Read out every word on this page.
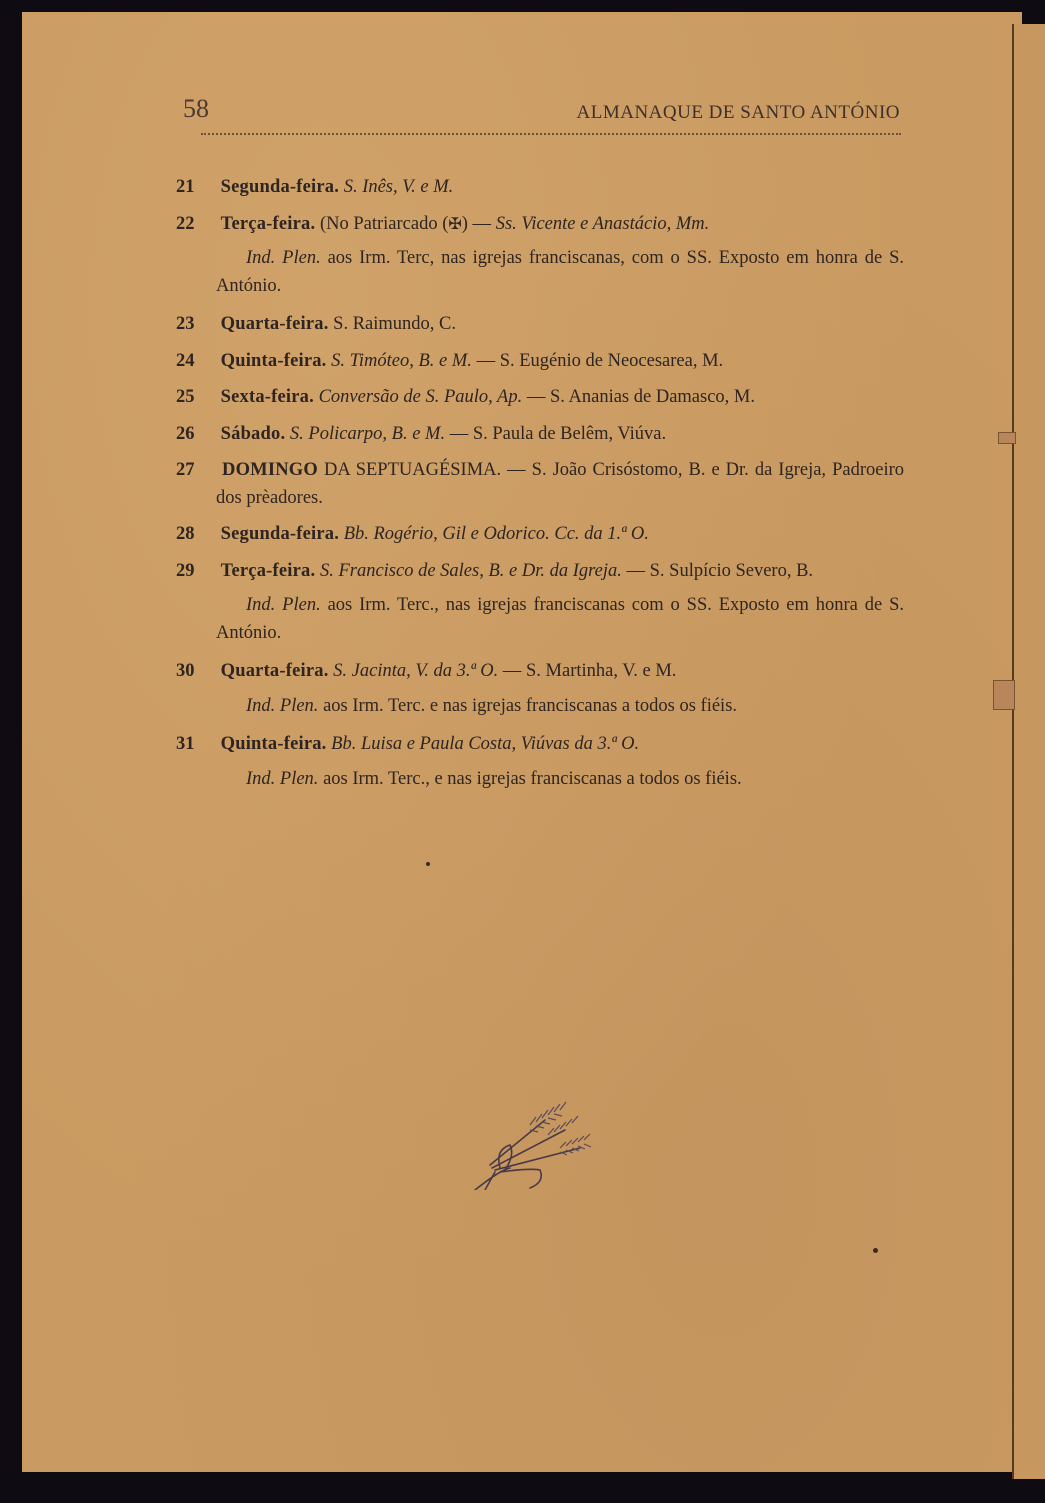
58	ALMANAQUE DE SANTO ANTÓNIO

21 Segunda-feira. S. Inês, V. e M.

22 Terça-feira. (No Patriarcado (✠) — Ss. Vicente e Anastácio, Mm.

Ind. Plen. aos Irm. Terc, nas igrejas franciscanas, com o SS. Exposto em honra de S. António.

23 Quarta-feira. S. Raimundo, C.

24 Quinta-feira. S. Timóteo, B. e M. — S. Eugénio de Neocesarea, M.

25 Sexta-feira. Conversão de S. Paulo, Ap. — S. Ananias de Damasco, M.

26 Sábado. S. Policarpo, B. e M. — S. Paula de Belêm, Viúva.

27 DOMINGO DA SEPTUAGÉSIMA. — S. João Crisóstomo, B. e Dr. da Igreja, Padroeiro dos prèadores.

28 Segunda-feira. Bb. Rogério, Gil e Odorico. Cc. da 1.ª O.

29 Terça-feira. S. Francisco de Sales, B. e Dr. da Igreja. — S. Sulpício Severo, B.

Ind. Plen. aos Irm. Terc., nas igrejas franciscanas com o SS. Exposto em honra de S. António.

30 Quarta-feira. S. Jacinta, V. da 3.ª O. — S. Martinha, V. e M.

Ind. Plen. aos Irm. Terc. e nas igrejas franciscanas a todos os fiéis.

31 Quinta-feira. Bb. Luisa e Paula Costa, Viúvas da 3.ª O.

Ind. Plen. aos Irm. Terc., e nas igrejas franciscanas a todos os fiéis.
